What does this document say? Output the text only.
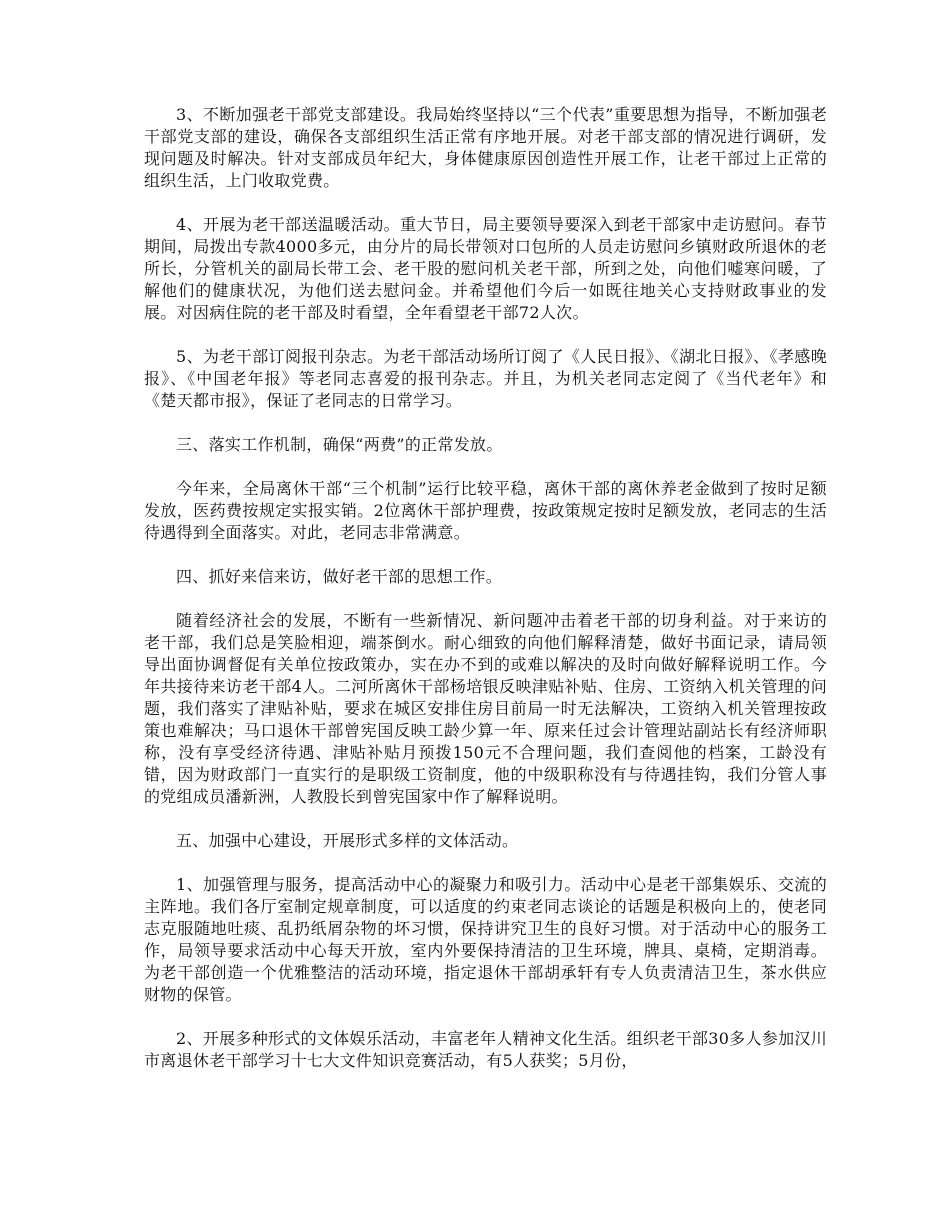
3、不断加强老干部党支部建设。我局始终坚持以“三个代表”重要思想为指导，不断加强老干部党支部的建设，确保各支部组织生活正常有序地开展。对老干部支部的情况进行调研，发现问题及时解决。针对支部成员年纪大，身体健康原因创造性开展工作，让老干部过上正常的组织生活，上门收取党费。

4、开展为老干部送温暖活动。重大节日，局主要领导要深入到老干部家中走访慰问。春节期间，局拨出专款4000多元，由分片的局长带领对口包所的人员走访慰问乡镇财政所退休的老所长，分管机关的副局长带工会、老干股的慰问机关老干部，所到之处，向他们嘘寒问暖，了解他们的健康状况，为他们送去慰问金。并希望他们今后一如既往地关心支持财政事业的发展。对因病住院的老干部及时看望，全年看望老干部72人次。

5、为老干部订阅报刊杂志。为老干部活动场所订阅了《人民日报》、《湖北日报》、《孝感晚报》、《中国老年报》等老同志喜爱的报刊杂志。并且，为机关老同志定阅了《当代老年》和《楚天都市报》，保证了老同志的日常学习。

三、落实工作机制，确保“两费”的正常发放。

今年来，全局离休干部“三个机制”运行比较平稳，离休干部的离休养老金做到了按时足额发放，医药费按规定实报实销。2位离休干部护理费，按政策规定按时足额发放，老同志的生活待遇得到全面落实。对此，老同志非常满意。

四、抓好来信来访，做好老干部的思想工作。

随着经济社会的发展，不断有一些新情况、新问题冲击着老干部的切身利益。对于来访的老干部，我们总是笑脸相迎，端茶倒水。耐心细致的向他们解释清楚，做好书面记录，请局领导出面协调督促有关单位按政策办，实在办不到的或难以解决的及时向做好解释说明工作。今年共接待来访老干部4人。二河所离休干部杨培银反映津贴补贴、住房、工资纳入机关管理的问题，我们落实了津贴补贴，要求在城区安排住房目前局一时无法解决，工资纳入机关管理按政策也难解决；马口退休干部曾宪国反映工龄少算一年、原来任过会计管理站副站长有经济师职称，没有享受经济待遇、津贴补贴月预拨150元不合理问题，我们查阅他的档案，工龄没有错，因为财政部门一直实行的是职级工资制度，他的中级职称没有与待遇挂钩，我们分管人事的党组成员潘新洲，人教股长到曾宪国家中作了解释说明。

五、加强中心建设，开展形式多样的文体活动。

1、加强管理与服务，提高活动中心的凝聚力和吸引力。活动中心是老干部集娱乐、交流的主阵地。我们各厅室制定规章制度，可以适度的约束老同志谈论的话题是积极向上的，使老同志克服随地吐痰、乱扔纸屑杂物的坏习惯，保持讲究卫生的良好习惯。对于活动中心的服务工作，局领导要求活动中心每天开放，室内外要保持清洁的卫生环境，牌具、桌椅，定期消毒。为老干部创造一个优雅整洁的活动环境，指定退休干部胡承轩有专人负责清洁卫生，茶水供应财物的保管。

2、开展多种形式的文体娱乐活动，丰富老年人精神文化生活。组织老干部30多人参加汉川市离退休老干部学习十七大文件知识竞赛活动，有5人获奖；5月份，
